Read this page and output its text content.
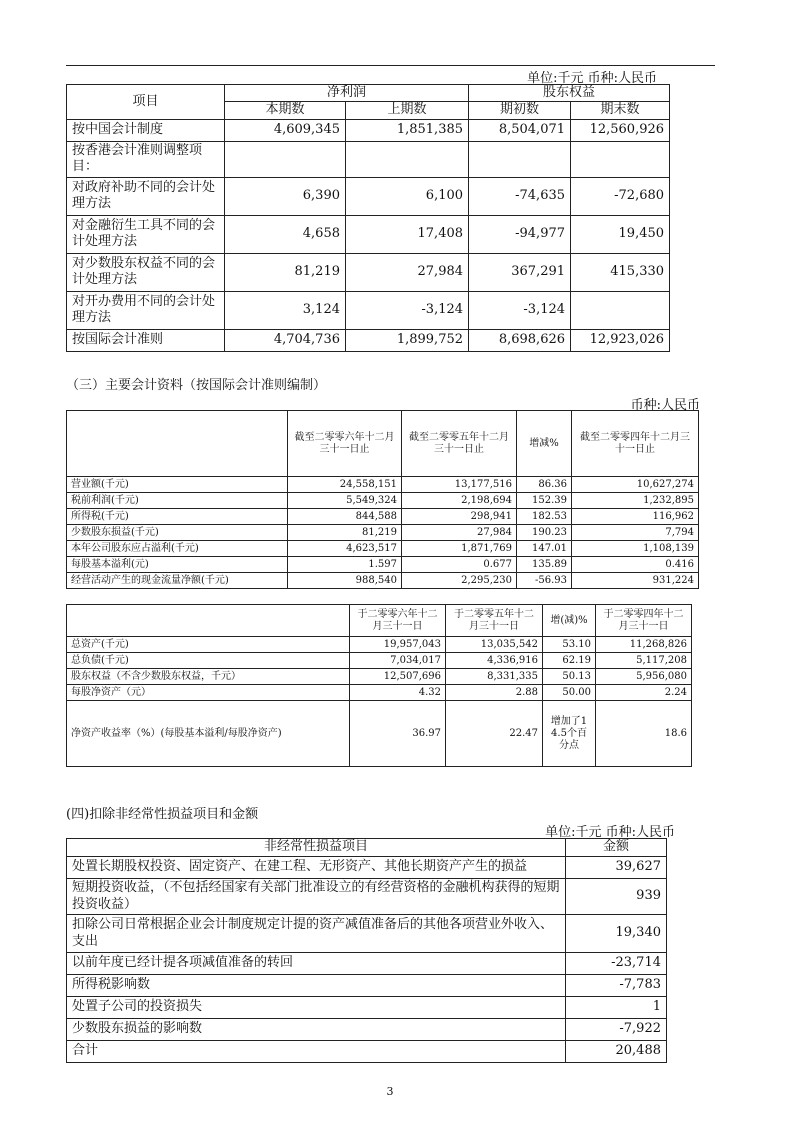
单位:千元 币种:人民币
项目	净利润		股东权益	
	本期数	上期数	期初数	期末数
按中国会计制度	4,609,345	1,851,385	8,504,071	12,560,926
按香港会计准则调整项目：				
对政府补助不同的会计处理方法	6,390	6,100	-74,635	-72,680
对金融衍生工具不同的会计处理方法	4,658	17,408	-94,977	19,450
对少数股东权益不同的会计处理方法	81,219	27,984	367,291	415,330
对开办费用不同的会计处理方法	3,124	-3,124	-3,124	
按国际会计准则	4,704,736	1,899,752	8,698,626	12,923,026
（三）主要会计资料（按国际会计准则编制）
币种:人民币
	截至二零零六年十二月三十一日止	截至二零零五年十二月三十一日止	增减%	截至二零零四年十二月三十一日止
营业额(千元)	24,558,151	13,177,516	86.36	10,627,274
税前利润(千元)	5,549,324	2,198,694	152.39	1,232,895
所得税(千元)	844,588	298,941	182.53	116,962
少数股东损益(千元)	81,219	27,984	190.23	7,794
本年公司股东应占溢利(千元)	4,623,517	1,871,769	147.01	1,108,139
每股基本溢利(元)	1.597	0.677	135.89	0.416
经营活动产生的现金流量净额(千元)	988,540	2,295,230	-56.93	931,224
	于二零零六年十二月三十一日	于二零零五年十二月三十一日	增(减)%	于二零零四年十二月三十一日
总资产(千元)	19,957,043	13,035,542	53.10	11,268,826
总负债(千元)	7,034,017	4,336,916	62.19	5,117,208
股东权益（不含少数股东权益，千元）	12,507,696	8,331,335	50.13	5,956,080
每股净资产（元）	4.32	2.88	50.00	2.24
净资产收益率（%）(每股基本溢利/每股净资产)	36.97	22.47	增加了14.5个百分点	18.6
(四)扣除非经常性损益项目和金额
单位:千元 币种:人民币
非经常性损益项目	金额
处置长期股权投资、固定资产、在建工程、无形资产、其他长期资产产生的损益	39,627
短期投资收益，（不包括经国家有关部门批准设立的有经营资格的金融机构获得的短期投资收益）	939
扣除公司日常根据企业会计制度规定计提的资产减值准备后的其他各项营业外收入、支出	19,340
以前年度已经计提各项减值准备的转回	-23,714
所得税影响数	-7,783
处置子公司的投资损失	1
少数股东损益的影响数	-7,922
合计	20,488
3
